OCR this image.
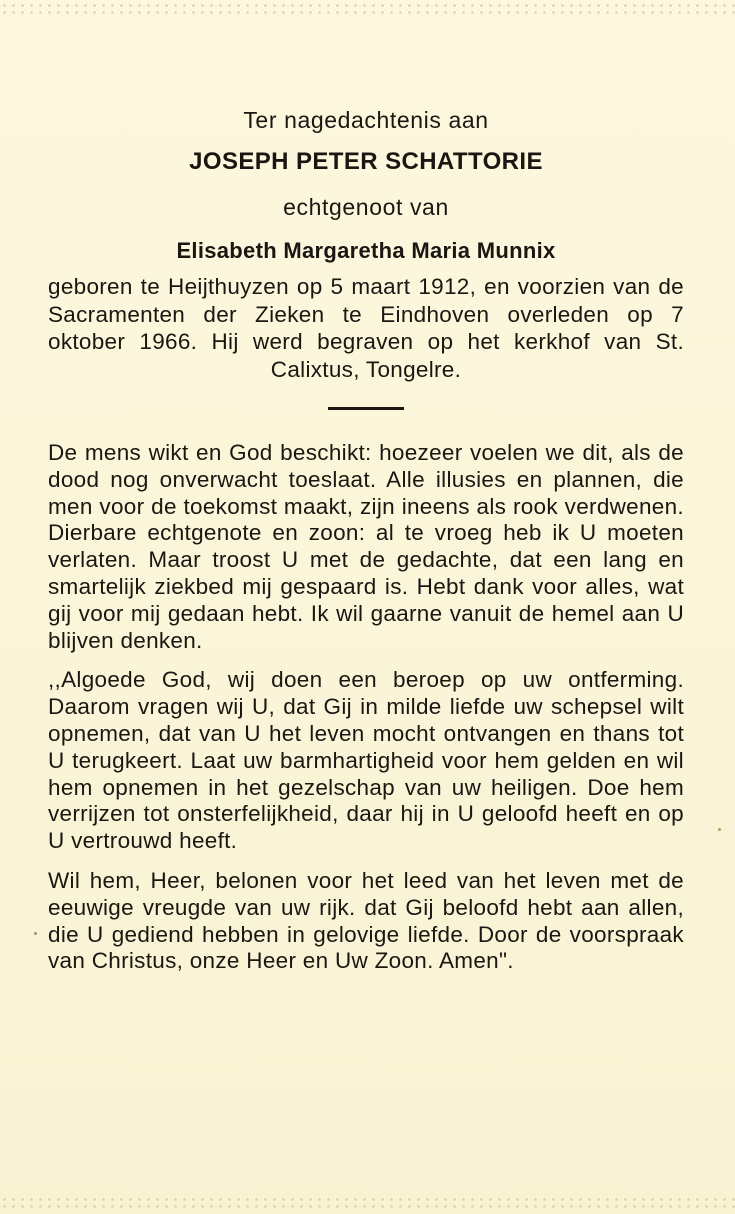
Ter nagedachtenis aan
JOSEPH PETER SCHATTORIE
echtgenoot van
Elisabeth Margaretha Maria Munnix
geboren te Heijthuyzen op 5 maart 1912, en voorzien van de Sacramenten der Zieken te Eindhoven overleden op 7 oktober 1966. Hij werd begraven op het kerkhof van St. Calixtus, Tongelre.
De mens wikt en God beschikt: hoezeer voelen we dit, als de dood nog onverwacht toeslaat. Alle illusies en plannen, die men voor de toekomst maakt, zijn ineens als rook verdwenen. Dierbare echtgenote en zoon: al te vroeg heb ik U moeten verlaten. Maar troost U met de gedachte, dat een lang en smartelijk ziekbed mij gespaard is. Hebt dank voor alles, wat gij voor mij gedaan hebt. Ik wil gaarne vanuit de hemel aan U blijven denken.
,,Algoede God, wij doen een beroep op uw ontferming. Daarom vragen wij U, dat Gij in milde liefde uw schepsel wilt opnemen, dat van U het leven mocht ontvangen en thans tot U terugkeert. Laat uw barmhartigheid voor hem gelden en wil hem opnemen in het gezelschap van uw heiligen. Doe hem verrijzen tot onsterfelijkheid, daar hij in U geloofd heeft en op U vertrouwd heeft.
Wil hem, Heer, belonen voor het leed van het leven met de eeuwige vreugde van uw rijk. dat Gij beloofd hebt aan allen, die U gediend hebben in gelovige liefde. Door de voorspraak van Christus, onze Heer en Uw Zoon. Amen".
